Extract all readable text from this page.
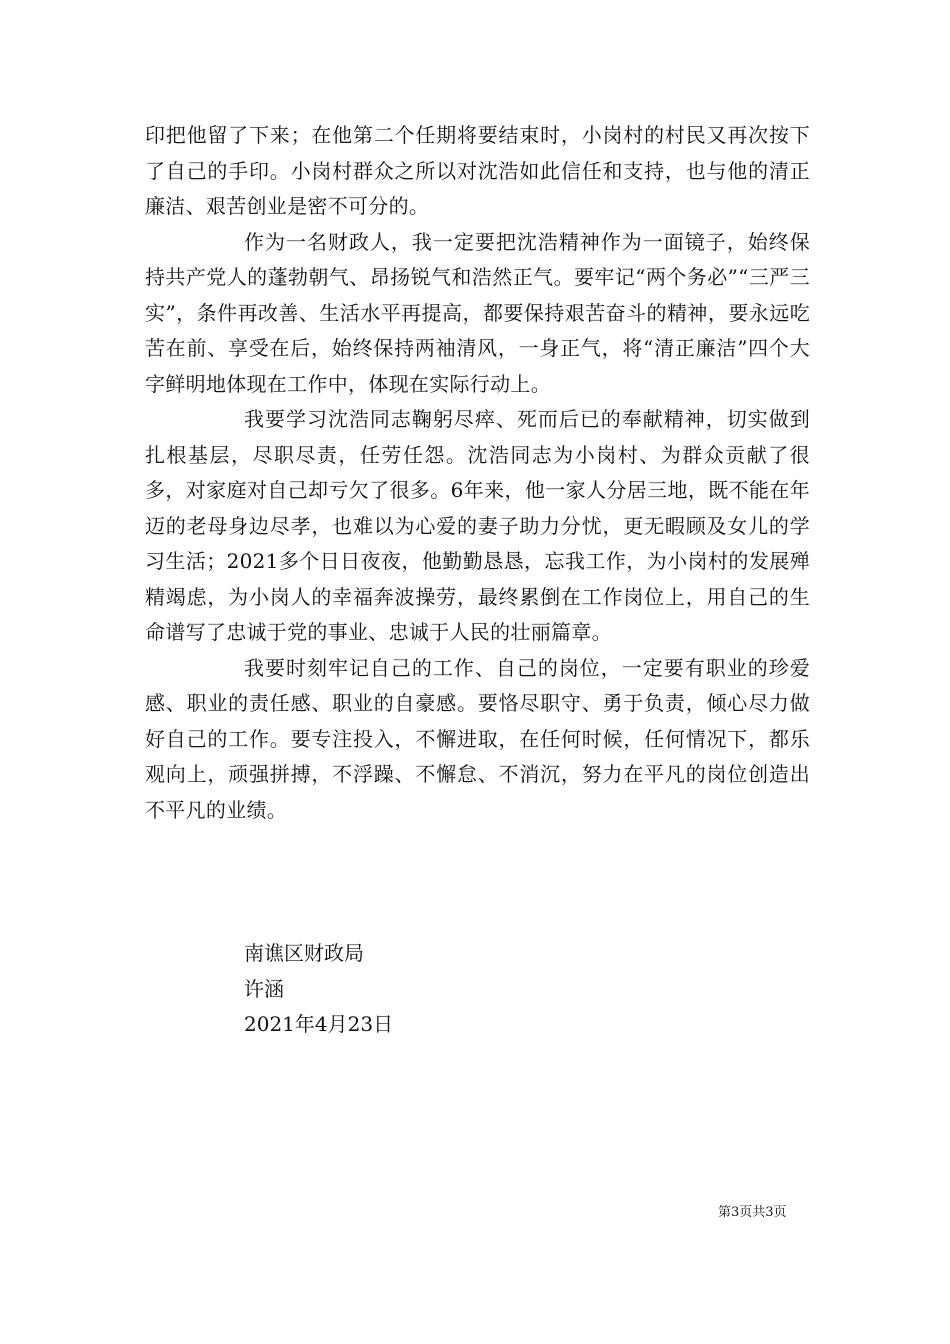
印把他留了下来；在他第二个任期将要结束时，小岗村的村民又再次按下了自己的手印。小岗村群众之所以对沈浩如此信任和支持，也与他的清正廉洁、艰苦创业是密不可分的。

作为一名财政人，我一定要把沈浩精神作为一面镜子，始终保持共产党人的蓬勃朝气、昂扬锐气和浩然正气。要牢记“两个务必”“三严三实”，条件再改善、生活水平再提高，都要保持艰苦奋斗的精神，要永远吃苦在前、享受在后，始终保持两袖清风，一身正气，将“清正廉洁”四个大字鲜明地体现在工作中，体现在实际行动上。

我要学习沈浩同志鞠躬尽瘁、死而后已的奉献精神，切实做到扎根基层，尽职尽责，任劳任怨。沈浩同志为小岗村、为群众贡献了很多，对家庭对自己却亏欠了很多。6年来，他一家人分居三地，既不能在年迈的老母身边尽孝，也难以为心爱的妻子助力分忧，更无暇顾及女儿的学习生活；2021多个日日夜夜，他勤勤恳恳，忘我工作，为小岗村的发展殚精竭虑，为小岗人的幸福奔波操劳，最终累倒在工作岗位上，用自己的生命谱写了忠诚于党的事业、忠诚于人民的壮丽篇章。

我要时刻牢记自己的工作、自己的岗位，一定要有职业的珍爱感、职业的责任感、职业的自豪感。要恪尽职守、勇于负责，倾心尽力做好自己的工作。要专注投入，不懈进取，在任何时候，任何情况下，都乐观向上，顽强拼搏，不浮躁、不懈怠、不消沉，努力在平凡的岗位创造出不平凡的业绩。

南谯区财政局
许涵
2021年4月23日
第3页共3页
